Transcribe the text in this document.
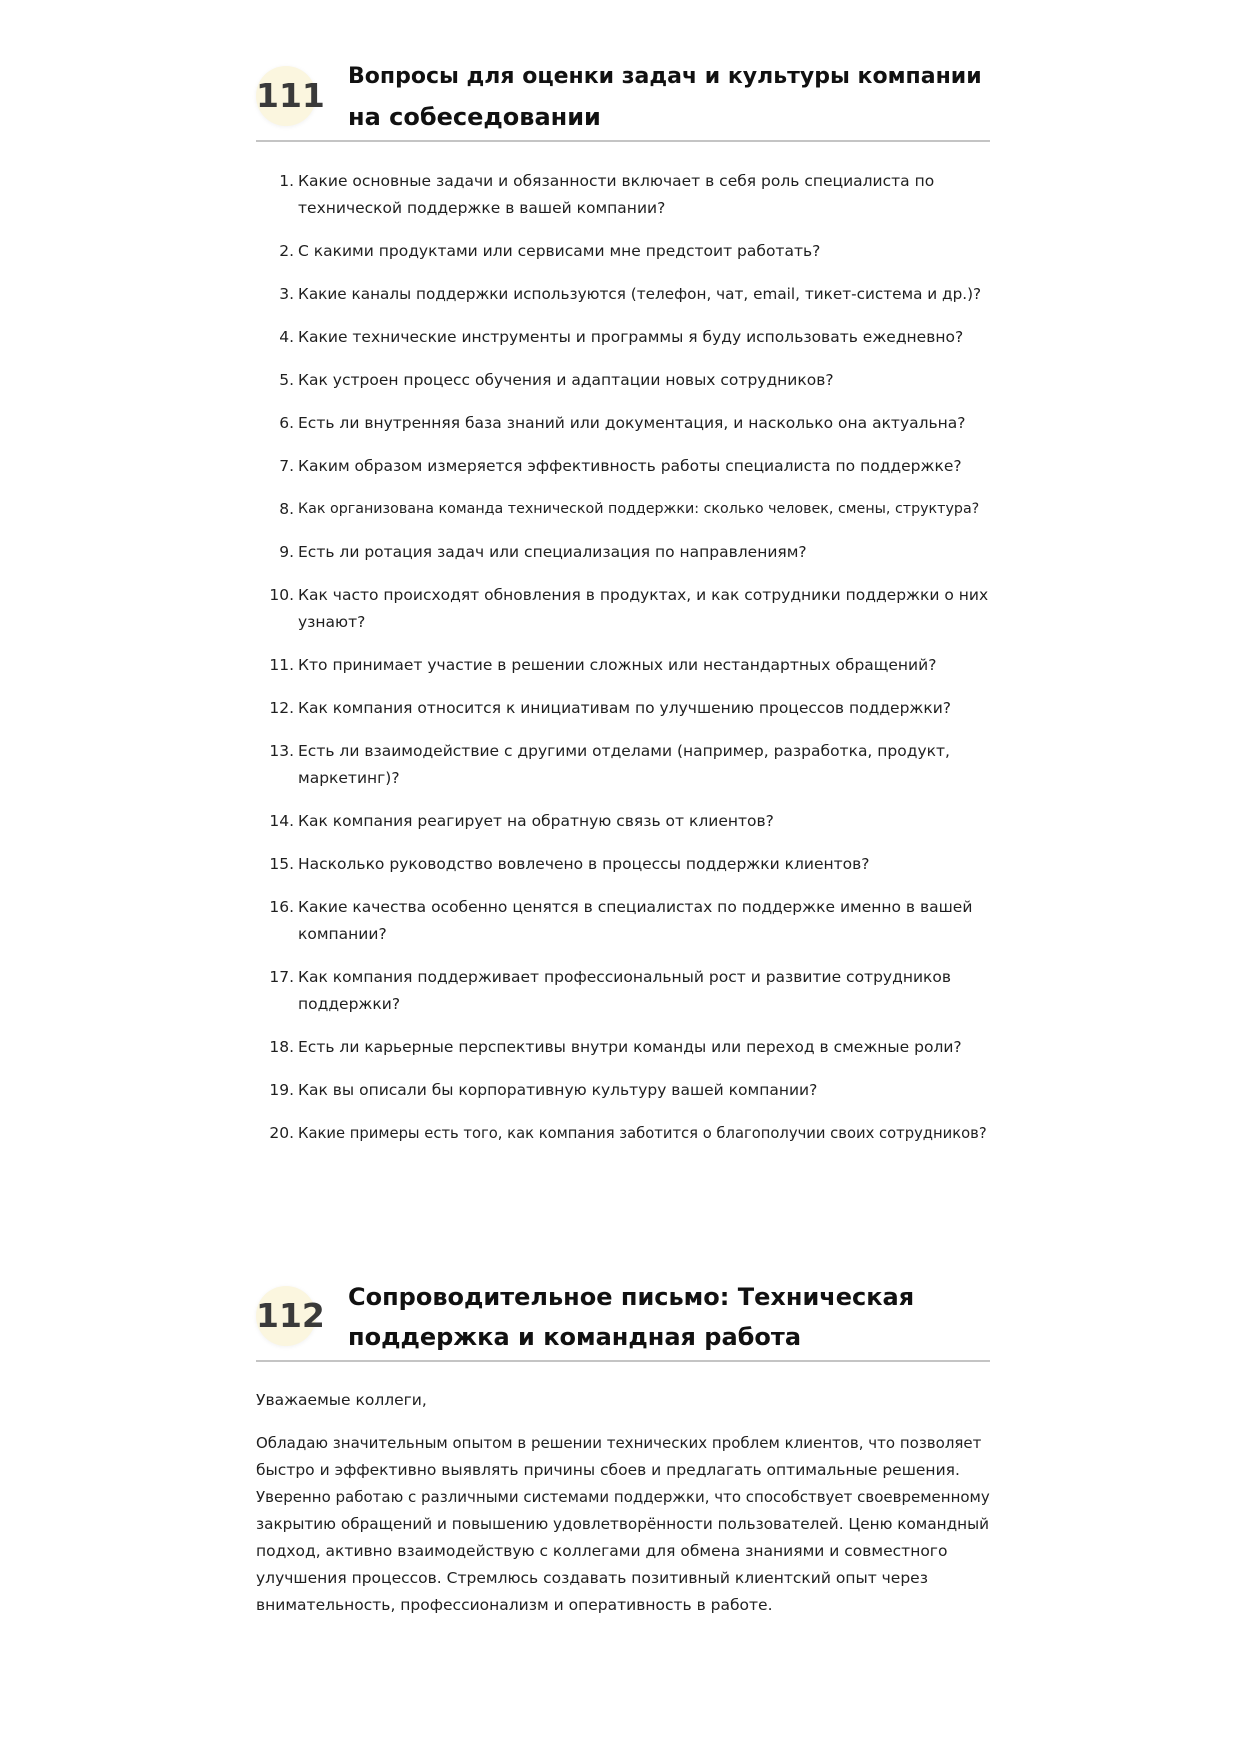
111 Вопросы для оценки задач и культуры компании
на собеседовании
1. Какие основные задачи и обязанности включает в себя роль специалиста по
технической поддержке в вашей компании?
2. С какими продуктами или сервисами мне предстоит работать?
3. Какие каналы поддержки используются (телефон, чат, email, тикет-система и др.)?
4. Какие технические инструменты и программы я буду использовать ежедневно?
5. Как устроен процесс обучения и адаптации новых сотрудников?
6. Есть ли внутренняя база знаний или документация, и насколько она актуальна?
7. Каким образом измеряется эффективность работы специалиста по поддержке?
8. Как организована команда технической поддержки: сколько человек, смены, структура?
9. Есть ли ротация задач или специализация по направлениям?
10. Как часто происходят обновления в продуктах, и как сотрудники поддержки о них
узнают?
11. Кто принимает участие в решении сложных или нестандартных обращений?
12. Как компания относится к инициативам по улучшению процессов поддержки?
13. Есть ли взаимодействие с другими отделами (например, разработка, продукт,
маркетинг)?
14. Как компания реагирует на обратную связь от клиентов?
15. Насколько руководство вовлечено в процессы поддержки клиентов?
16. Какие качества особенно ценятся в специалистах по поддержке именно в вашей
компании?
17. Как компания поддерживает профессиональный рост и развитие сотрудников
поддержки?
18. Есть ли карьерные перспективы внутри команды или переход в смежные роли?
19. Как вы описали бы корпоративную культуру вашей компании?
20. Какие примеры есть того, как компания заботится о благополучии своих сотрудников?
112 Сопроводительное письмо: Техническая
поддержка и командная работа

Уважаемые коллеги,

Обладаю значительным опытом в решении технических проблем клиентов, что позволяет
быстро и эффективно выявлять причины сбоев и предлагать оптимальные решения.
Уверенно работаю с различными системами поддержки, что способствует своевременному
закрытию обращений и повышению удовлетворённости пользователей. Ценю командный
подход, активно взаимодействую с коллегами для обмена знаниями и совместного
улучшения процессов. Стремлюсь создавать позитивный клиентский опыт через
внимательность, профессионализм и оперативность в работе.
